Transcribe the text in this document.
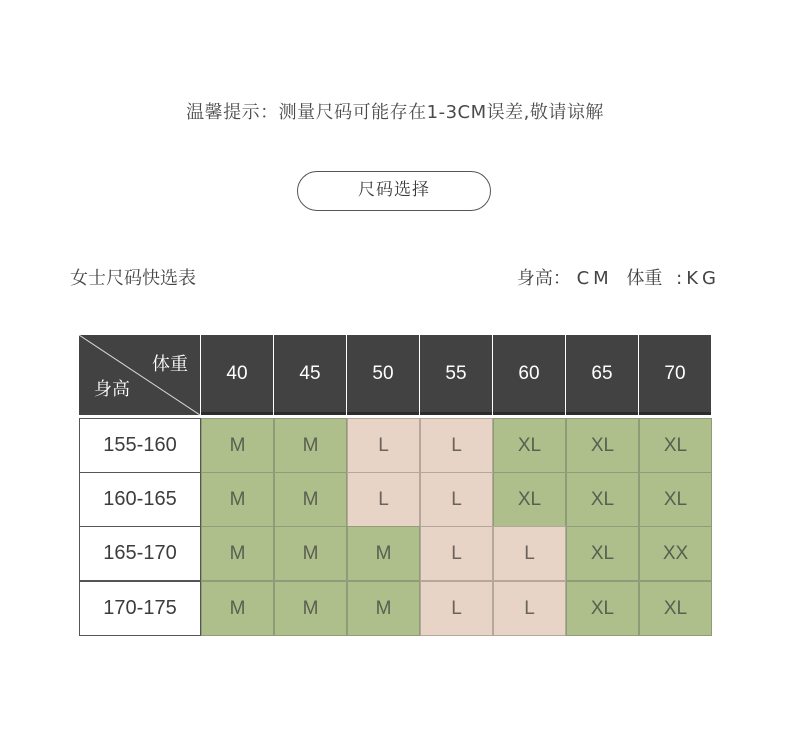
温馨提示：测量尺码可能存在1-3CM误差,敬请谅解
尺码选择
女士尺码快选表	身高： CM 体重 :KG
体重
身高
40	45	50	55	60	65	70
155-160	M	M	L	L	XL	XL	XL
160-165	M	M	L	L	XL	XL	XL
165-170	M	M	M	L	L	XL	XX
170-175	M	M	M	L	L	XL	XL
